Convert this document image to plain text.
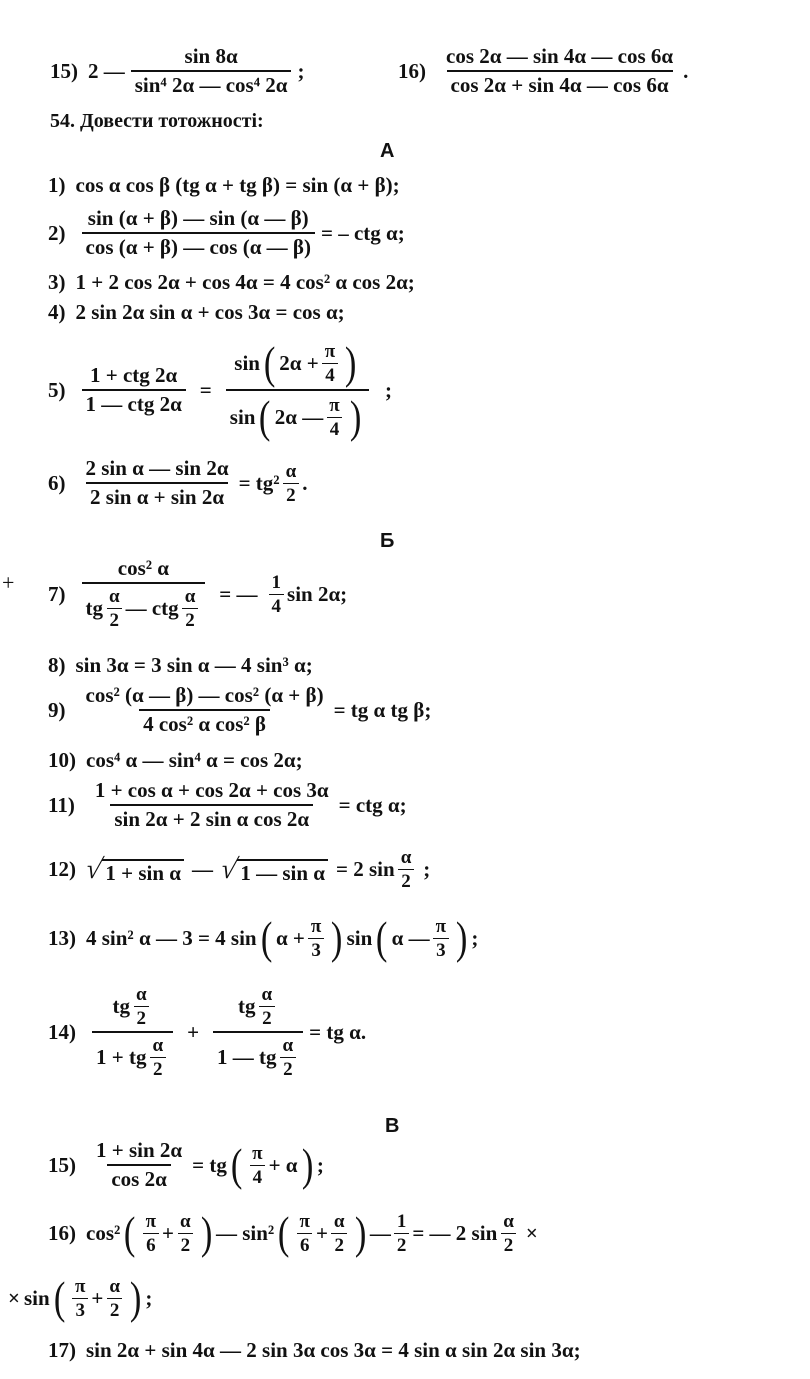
15) 2 — $\frac{\sin 8\alpha}{\text{sin⁴ 2α — cos⁴ 2α}}$ ;	$16) \frac{\cos 2\alpha — \sin 4\alpha — \cos 6\alpha}{\cos 2\alpha + \sin 4\alpha — \cos 6\alpha}$ .
54. Довести тотожності:
А
1) cos α cos β (tg α + tg β) = sin (α + β);
$2) \frac{\sin (\alpha + \beta) — \sin (\alpha — \beta)}{\cos (\alpha + \beta) — \cos (\alpha — \beta)}$ = – ctg α;
3) 1 + 2 cos 2α + cos 4α = 4 cos² α cos 2α;
4) 2 sin 2α sin α + cos 3α = cos α;
$5) \frac{\text{1 + ctg 2α}}{\text{1 — ctg 2α}}$ =
sin ( $2\alpha + \frac{\pi}{4}$ )
sin ( 2α — $\frac{\pi}{4}$ )
;
$6) \frac{\text{2 sin α — sin 2α}}{\text{2 sin α + sin 2α}} = tg^2 \frac{\alpha}{2}$ .
Б
+ 7)
cos² α
tg $\frac{\alpha}{2}$ — ctg $\frac{\alpha}{2}$ = — $\frac{1}{4}$ sin 2α;
8) sin 3α = 3 sin α — 4 sin³ α;
$9) \frac{\text{cos² (α — β) — cos² (α + β)}}{\text{4 cos² α cos² β}}$ = tg α tg β;
10) cos⁴ α — sin⁴ α = cos 2α;
$11) \frac{\text{1 + cos α + cos 2α + cos 3α}}{\text{sin 2α + 2 sin α cos 2α}}$ = ctg α;
12) √ 1 + sin α — √ 1 — sin α = 2 $\sin \frac{\alpha}{2}$ ;
13) 4 sin² α — 3 = 4 sin ( $\alpha + \frac{\pi}{3}$ ) sin ( α — $\frac{\pi}{3}$ ) ;
$14) \frac{tg \frac{\alpha}{2}}{1 + tg \frac{\alpha}{2}} + \frac{tg \frac{\alpha}{2}}{1 — tg \frac{\alpha}{2}}$ = tg α.
В
$15) \frac{1 + \sin 2\alpha}{\cos 2\alpha}$ = tg ( $\frac{\pi}{4} + \alpha$ ) ;
16) cos² ( $\frac{\pi}{6} + \frac{\alpha}{2}$ ) — sin² ( $\frac{\pi}{6} + \frac{\alpha}{2}$ ) — $\frac{1}{2}$ = — 2 $\sin \frac{\alpha}{2}$ ×
× sin ( $\frac{\pi}{3} + \frac{\alpha}{2}$ ) ;
17) sin 2α + sin 4α — 2 sin 3α cos 3α = 4 sin α sin 2α sin 3α;
